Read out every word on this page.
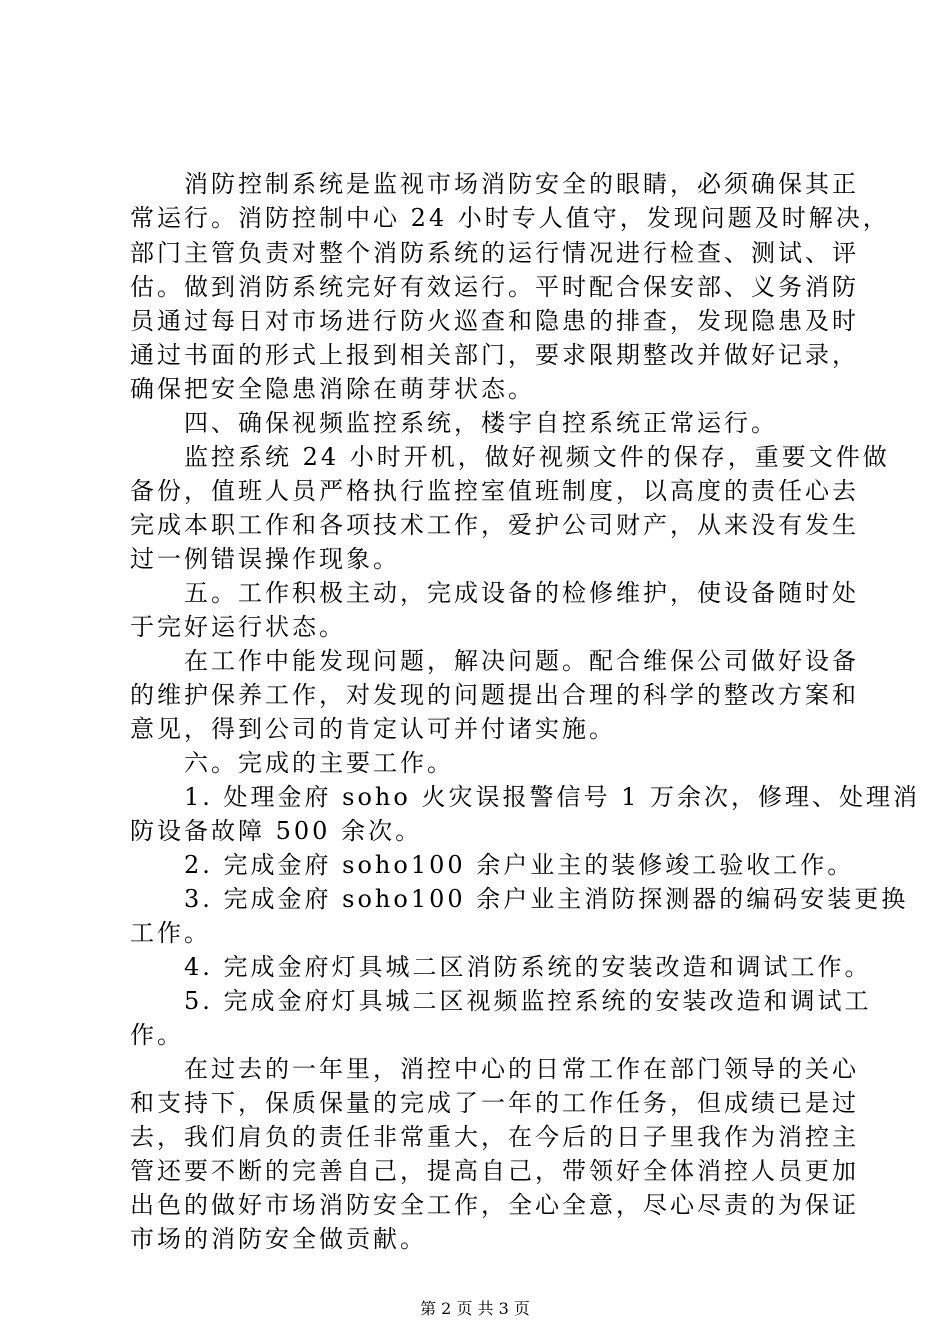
　　消防控制系统是监视市场消防安全的眼睛，必须确保其正
常运行。消防控制中心 24 小时专人值守，发现问题及时解决，
部门主管负责对整个消防系统的运行情况进行检查、测试、评
估。做到消防系统完好有效运行。平时配合保安部、义务消防
员通过每日对市场进行防火巡查和隐患的排查，发现隐患及时
通过书面的形式上报到相关部门，要求限期整改并做好记录，
确保把安全隐患消除在萌芽状态。
　　四、确保视频监控系统，楼宇自控系统正常运行。
　　监控系统 24 小时开机，做好视频文件的保存，重要文件做
备份，值班人员严格执行监控室值班制度，以高度的责任心去
完成本职工作和各项技术工作，爱护公司财产，从来没有发生
过一例错误操作现象。
　　五。工作积极主动，完成设备的检修维护，使设备随时处
于完好运行状态。
　　在工作中能发现问题，解决问题。配合维保公司做好设备
的维护保养工作，对发现的问题提出合理的科学的整改方案和
意见，得到公司的肯定认可并付诸实施。
　　六。完成的主要工作。
　　1. 处理金府 soho 火灾误报警信号 1 万余次，修理、处理消
防设备故障 500 余次。
　　2. 完成金府 soho100 余户业主的装修竣工验收工作。
　　3. 完成金府 soho100 余户业主消防探测器的编码安装更换
工作。
　　4. 完成金府灯具城二区消防系统的安装改造和调试工作。
　　5. 完成金府灯具城二区视频监控系统的安装改造和调试工
作。
　　在过去的一年里，消控中心的日常工作在部门领导的关心
和支持下，保质保量的完成了一年的工作任务，但成绩已是过
去，我们肩负的责任非常重大，在今后的日子里我作为消控主
管还要不断的完善自己，提高自己，带领好全体消控人员更加
出色的做好市场消防安全工作，全心全意，尽心尽责的为保证
市场的消防安全做贡献。
第 2 页 共 3 页
